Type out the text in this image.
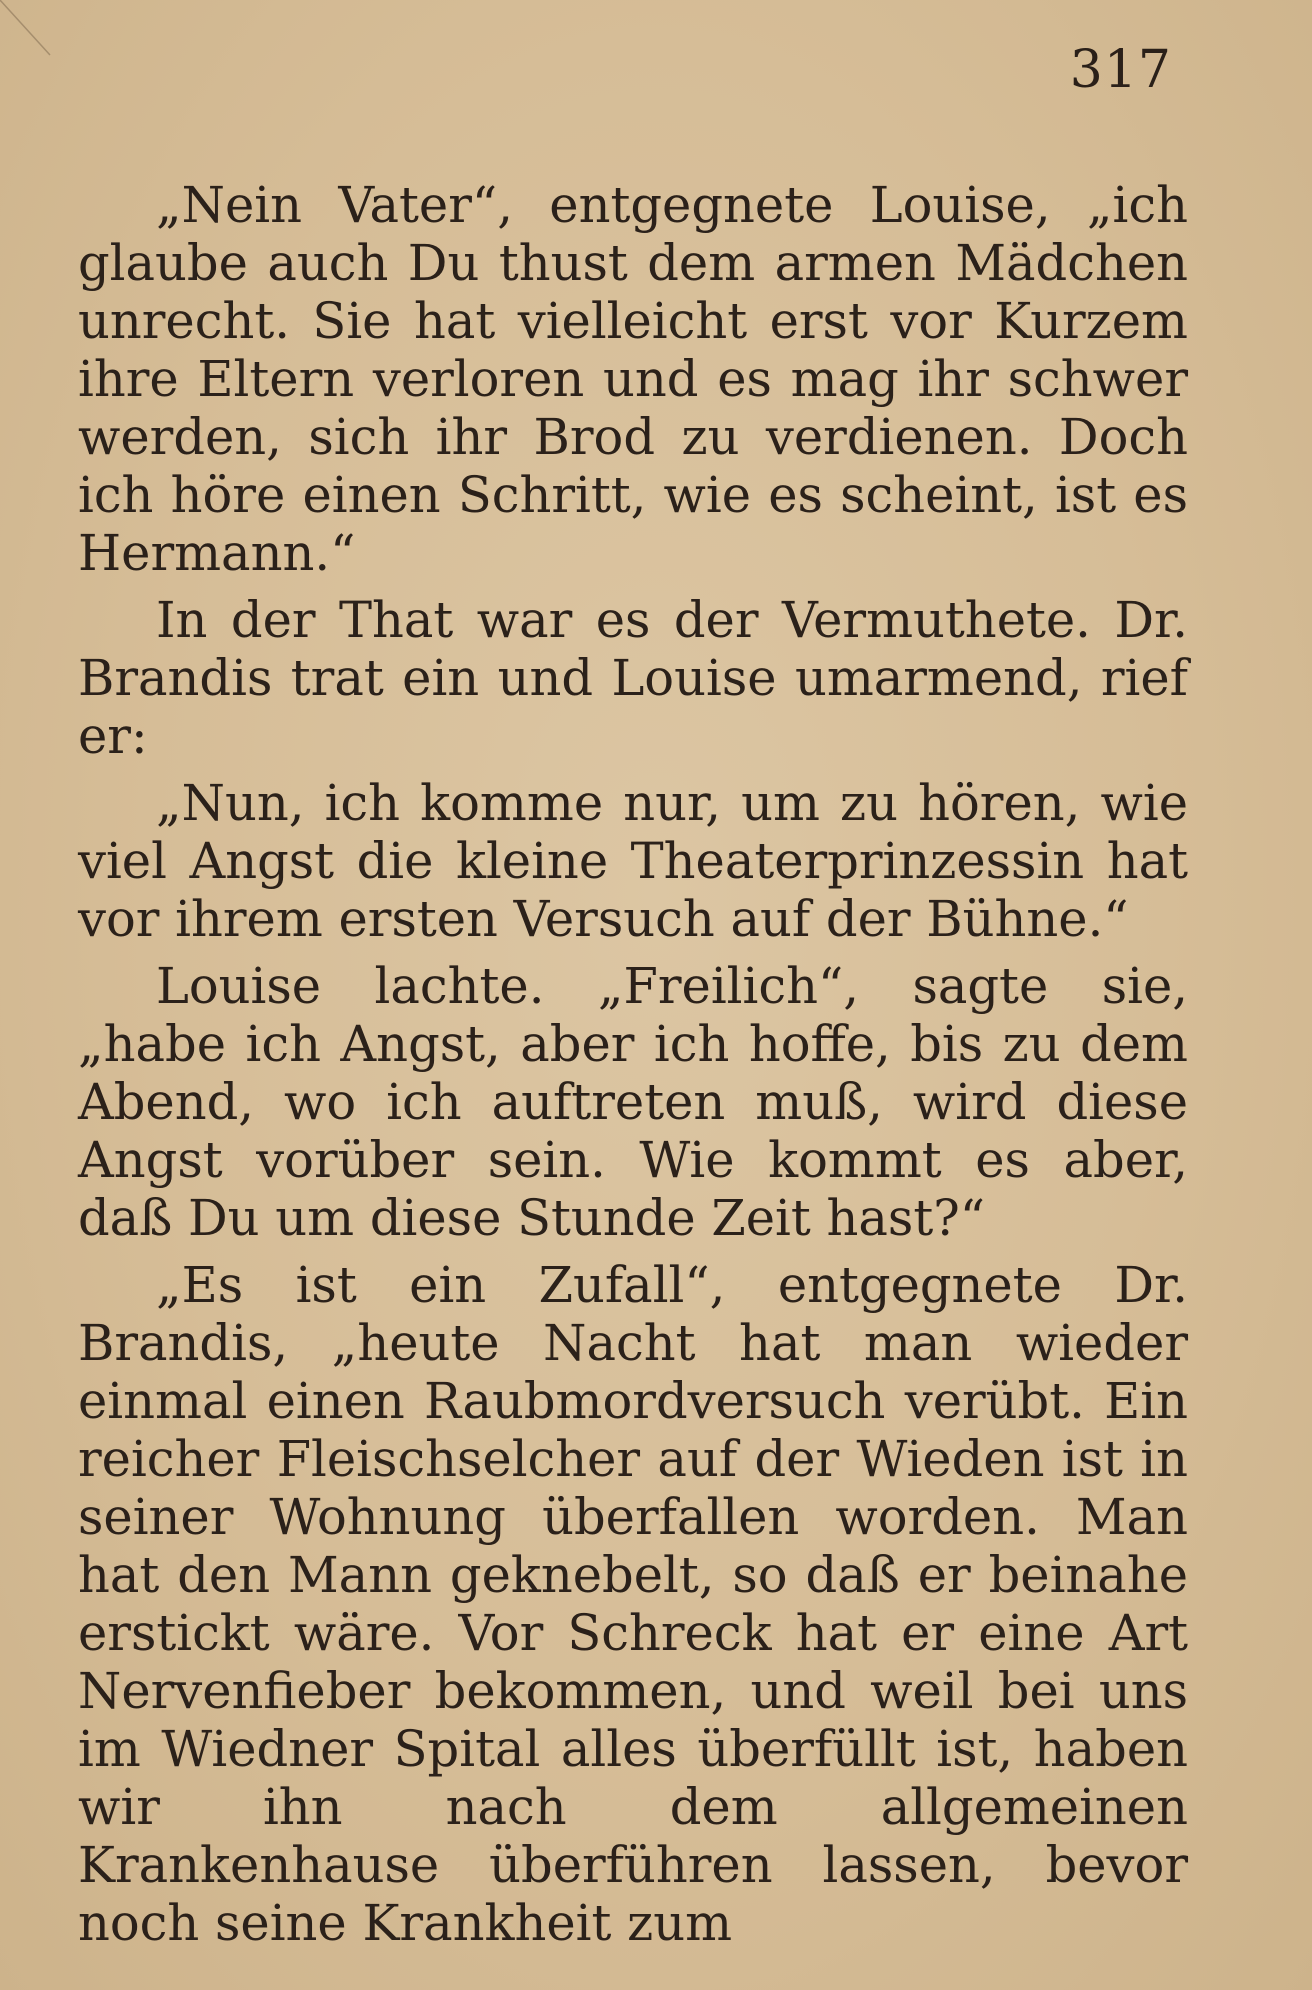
317

„Nein Vater“, entgegnete Louise, „ich glaube auch Du thust dem armen Mädchen unrecht. Sie hat vielleicht erst vor Kurzem ihre Eltern verloren und es mag ihr schwer werden, sich ihr Brod zu verdienen. Doch ich höre einen Schritt, wie es scheint, ist es Hermann.“

In der That war es der Vermuthete. Dr. Brandis trat ein und Louise umarmend, rief er:

„Nun, ich komme nur, um zu hören, wie viel Angst die kleine Theaterprinzessin hat vor ihrem ersten Versuch auf der Bühne.“

Louise lachte. „Freilich“, sagte sie, „habe ich Angst, aber ich hoffe, bis zu dem Abend, wo ich auftreten muß, wird diese Angst vorüber sein. Wie kommt es aber, daß Du um diese Stunde Zeit hast?“

„Es ist ein Zufall“, entgegnete Dr. Brandis, „heute Nacht hat man wieder einmal einen Raubmordversuch verübt. Ein reicher Fleischselcher auf der Wieden ist in seiner Wohnung überfallen worden. Man hat den Mann geknebelt, so daß er beinahe erstickt wäre. Vor Schreck hat er eine Art Nervenfieber bekommen, und weil bei uns im Wiedner Spital alles überfüllt ist, haben wir ihn nach dem allgemeinen Krankenhause überführen lassen, bevor noch seine Krankheit zum
